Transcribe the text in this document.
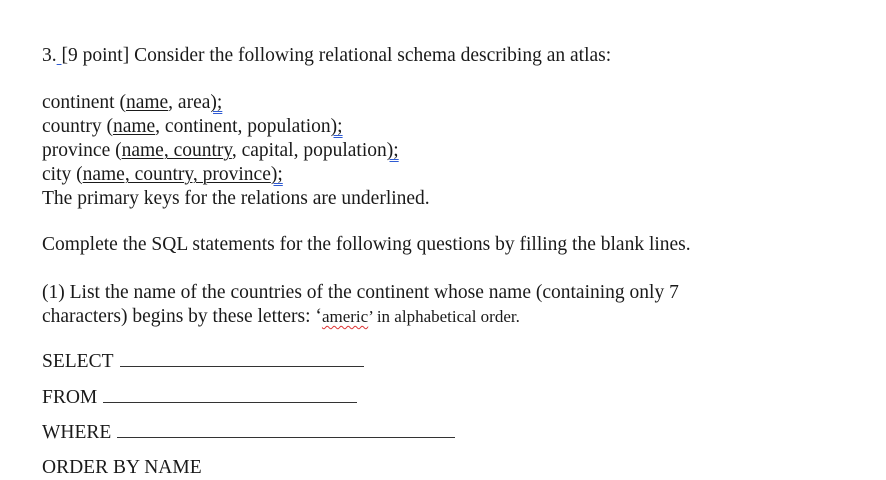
3. [9 point] Consider the following relational schema describing an atlas:
continent (name, area);
country (name, continent, population);
province (name, country, capital, population);
city (name, country, province);
The primary keys for the relations are underlined.
Complete the SQL statements for the following questions by filling the blank lines.
(1) List the name of the countries of the continent whose name (containing only 7
characters) begins by these letters: ‘americ’ in alphabetical order.
SELECT
FROM
WHERE
ORDER BY NAME
